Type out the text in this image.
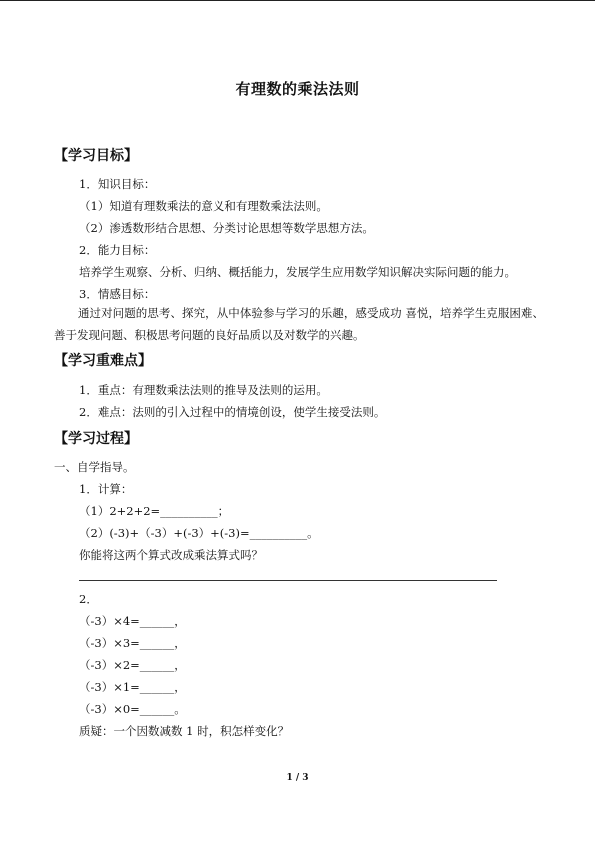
有理数的乘法法则
【学习目标】
1．知识目标：
（1）知道有理数乘法的意义和有理数乘法法则。
（2）渗透数形结合思想、分类讨论思想等数学思想方法。
2．能力目标：
培养学生观察、分析、归纳、概括能力，发展学生应用数学知识解决实际问题的能力。
3．情感目标：
通过对问题的思考、探究，从中体验参与学习的乐趣，感受成功 喜悦，培养学生克服困难、善于发现问题、积极思考问题的良好品质以及对数学的兴趣。
【学习重难点】
1．重点：有理数乘法法则的推导及法则的运用。
2．难点：法则的引入过程中的情境创设，使学生接受法则。
【学习过程】
一、自学指导。
1．计算：
（1）2+2+2=__________；
（2）(-3)+（-3）+(-3）+(-3)=__________。
你能将这两个算式改成乘法算式吗？
2．
（-3）×4=______，
（-3）×3=______，
（-3）×2=______，
（-3）×1=______，
（-3）×0=______。
质疑：一个因数减数 1 时，积怎样变化？
1 / 3
